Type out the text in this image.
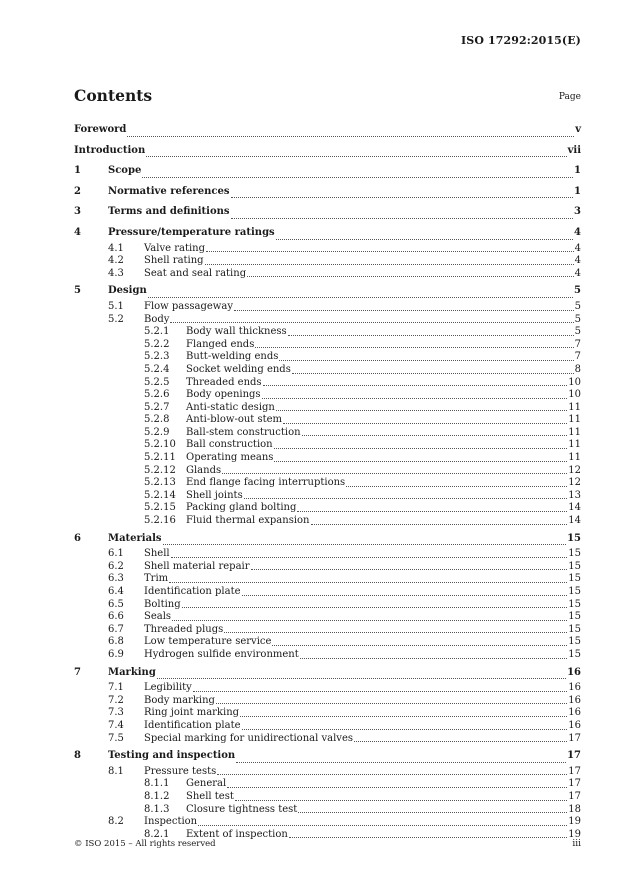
ISO 17292:2015(E)
Contents	Page
Foreword	v
Introduction	vii
1	Scope	1
2	Normative references	1
3	Terms and definitions	3
4	Pressure/temperature ratings	4
4.1 Valve rating	4
4.2 Shell rating	4
4.3 Seat and seal rating	4
5	Design	5
5.1 Flow passageway	5
5.2 Body	5
5.2.1 Body wall thickness	5
5.2.2 Flanged ends	7
5.2.3 Butt-welding ends	7
5.2.4 Socket welding ends	8
5.2.5 Threaded ends	10
5.2.6 Body openings	10
5.2.7 Anti-static design	11
5.2.8 Anti-blow-out stem	11
5.2.9 Ball-stem construction	11
5.2.10 Ball construction	11
5.2.11 Operating means	11
5.2.12 Glands	12
5.2.13 End flange facing interruptions	12
5.2.14 Shell joints	13
5.2.15 Packing gland bolting	14
5.2.16 Fluid thermal expansion	14
6	Materials	15
6.1 Shell	15
6.2 Shell material repair	15
6.3 Trim	15
6.4 Identification plate	15
6.5 Bolting	15
6.6 Seals	15
6.7 Threaded plugs	15
6.8 Low temperature service	15
6.9 Hydrogen sulfide environment	15
7	Marking	16
7.1 Legibility	16
7.2 Body marking	16
7.3 Ring joint marking	16
7.4 Identification plate	16
7.5 Special marking for unidirectional valves	17
8	Testing and inspection	17
8.1 Pressure tests	17
8.1.1 General	17
8.1.2 Shell test	17
8.1.3 Closure tightness test	18
8.2 Inspection	19
8.2.1 Extent of inspection	19
© ISO 2015 – All rights reserved	iii
